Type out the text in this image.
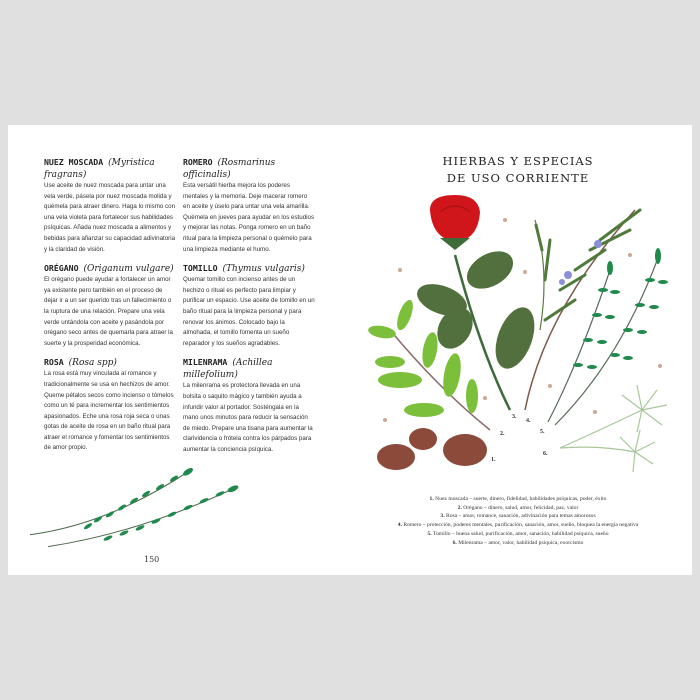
NUEZ MOSCADA (Myristica fragrans)
Use aceite de nuez moscada para untar una vela verde, pásela por nuez moscada molida y quémela para atraer dinero. Haga lo mismo con una vela violeta para fortalecer sus habilidades psíquicas. Añada nuez moscada a alimentos y bebidas para afianzar su capacidad adivinatoria y la claridad de visión.
ORÉGANO (Origanum vulgare)
El orégano puede ayudar a fortalecer un amor ya existente pero también en el proceso de dejar ir a un ser querido tras un fallecimiento o la ruptura de una relación. Prepare una vela verde untándola con aceite y pasándola por orégano seco antes de quemarla para atraer la suerte y la prosperidad económica.
ROSA (Rosa spp)
La rosa está muy vinculada al romance y tradicionalmente se usa en hechizos de amor. Queme pétalos secos como incienso o tómelos como un té para incrementar los sentimientos apasionados. Eche una rosa roja seca o unas gotas de aceite de rosa en un baño ritual para atraer el romance y fomentar los sentimientos de amor propio.
ROMERO (Rosmarinus officinalis)
Esta versátil hierba mejora los poderes mentales y la memoria. Deje macerar romero en aceite y úselo para untar una vela amarilla. Quémela en jueves para ayudar en los estudios y mejorar las notas. Ponga romero en un baño ritual para la limpieza personal o quémelo para una limpieza mediante el humo.
TOMILLO (Thymus vulgaris)
Quemar tomillo con incienso antes de un hechizo o ritual es perfecto para limpiar y purificar un espacio. Use aceite de tomillo en un baño ritual para la limpieza personal y para renovar los ánimos. Colocado bajo la almohada, el tomillo fomenta un sueño reparador y los sueños agradables.
MILENRAMA (Achillea millefolium)
La milenrama es protectora llevada en una bolsita o saquito mágico y también ayuda a infundir valor al portador. Sosténgala en la mano unos minutos para reducir la sensación de miedo. Prepare una tisana para aumentar la clarividencia o frótela contra los párpados para aumentar la conciencia psíquica.
150
HIERBAS Y ESPECIAS
DE USO CORRIENTE
1.
2.
3.
4.
5.
6.
1. Nuez moscada – suerte, dinero, fidelidad, habilidades psíquicas, poder, éxito
2. Orégano – dinero, salud, amor, felicidad, paz, valor
3. Rosa – amor, romance, sanación, adivinación para temas amorosos
4. Romero – protección, poderes mentales, purificación, sanación, amor, sueño, bloquea la energía negativa
5. Tomillo – buena salud, purificación, amor, sanación, habilidad psíquica, sueño
6. Milenrama – amor, valor, habilidad psíquica, exorcismo
